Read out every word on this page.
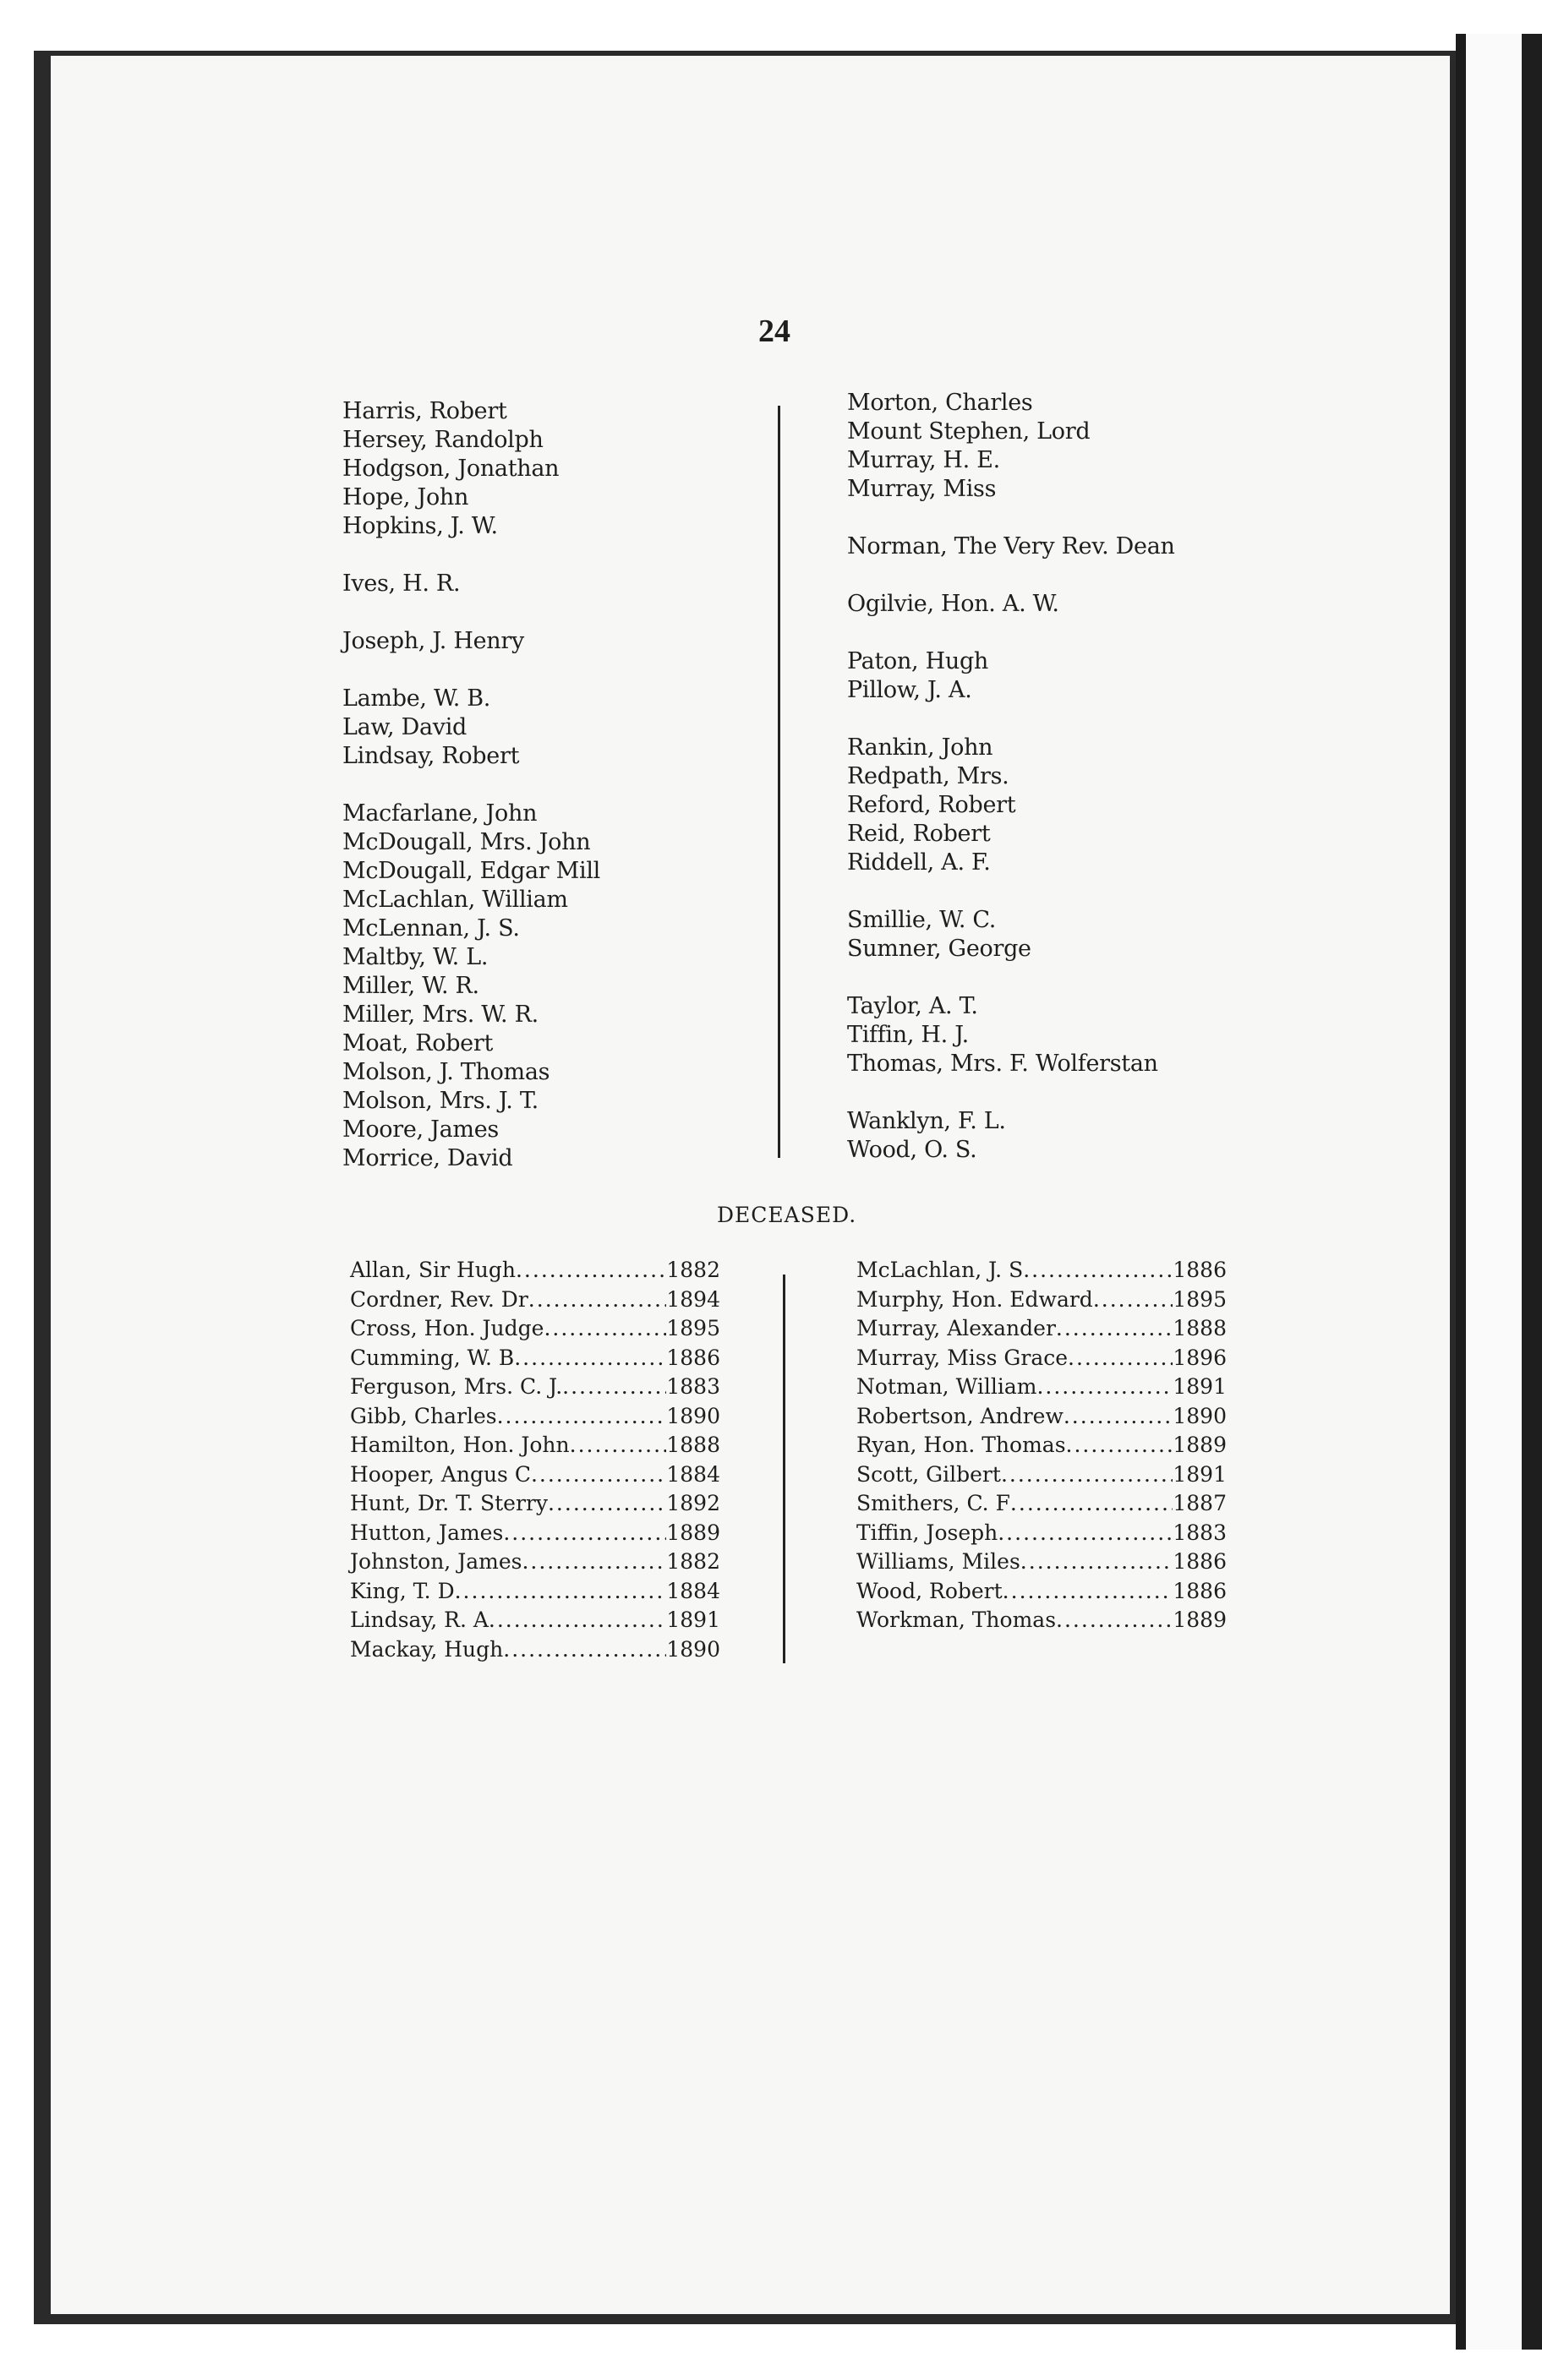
24
Harris, Robert
Hersey, Randolph
Hodgson, Jonathan
Hope, John
Hopkins, J. W.
Ives, H. R.
Joseph, J. Henry
Lambe, W. B.
Law, David
Lindsay, Robert
Macfarlane, John
McDougall, Mrs. John
McDougall, Edgar Mill
McLachlan, William
McLennan, J. S.
Maltby, W. L.
Miller, W. R.
Miller, Mrs. W. R.
Moat, Robert
Molson, J. Thomas
Molson, Mrs. J. T.
Moore, James
Morrice, David
Morton, Charles
Mount Stephen, Lord
Murray, H. E.
Murray, Miss
Norman, The Very Rev. Dean
Ogilvie, Hon. A. W.
Paton, Hugh
Pillow, J. A.
Rankin, John
Redpath, Mrs.
Reford, Robert
Reid, Robert
Riddell, A. F.
Smillie, W. C.
Sumner, George
Taylor, A. T.
Tiffin, H. J.
Thomas, Mrs. F. Wolferstan
Wanklyn, F. L.
Wood, O. S.
DECEASED.
Allan, Sir Hugh .....	1882
Cordner, Rev. Dr .....	1894
Cross, Hon. Judge .....	1895
Cumming, W. B .....	1886
Ferguson, Mrs. C. J. .....	1883
Gibb, Charles .....	1890
Hamilton, Hon. John .....	1888
Hooper, Angus C .....	1884
Hunt, Dr. T. Sterry .....	1892
Hutton, James .....	1889
Johnston, James .....	1882
King, T. D .....	1884
Lindsay, R. A .....	1891
Mackay, Hugh .....	1890
McLachlan, J. S .....	1886
Murphy, Hon. Edward .....	1895
Murray, Alexander .....	1888
Murray, Miss Grace .....	1896
Notman, William .....	1891
Robertson, Andrew .....	1890
Ryan, Hon. Thomas .....	1889
Scott, Gilbert .....	1891
Smithers, C. F .....	1887
Tiffin, Joseph .....	1883
Williams, Miles .....	1886
Wood, Robert .....	1886
Workman, Thomas .....	1889
